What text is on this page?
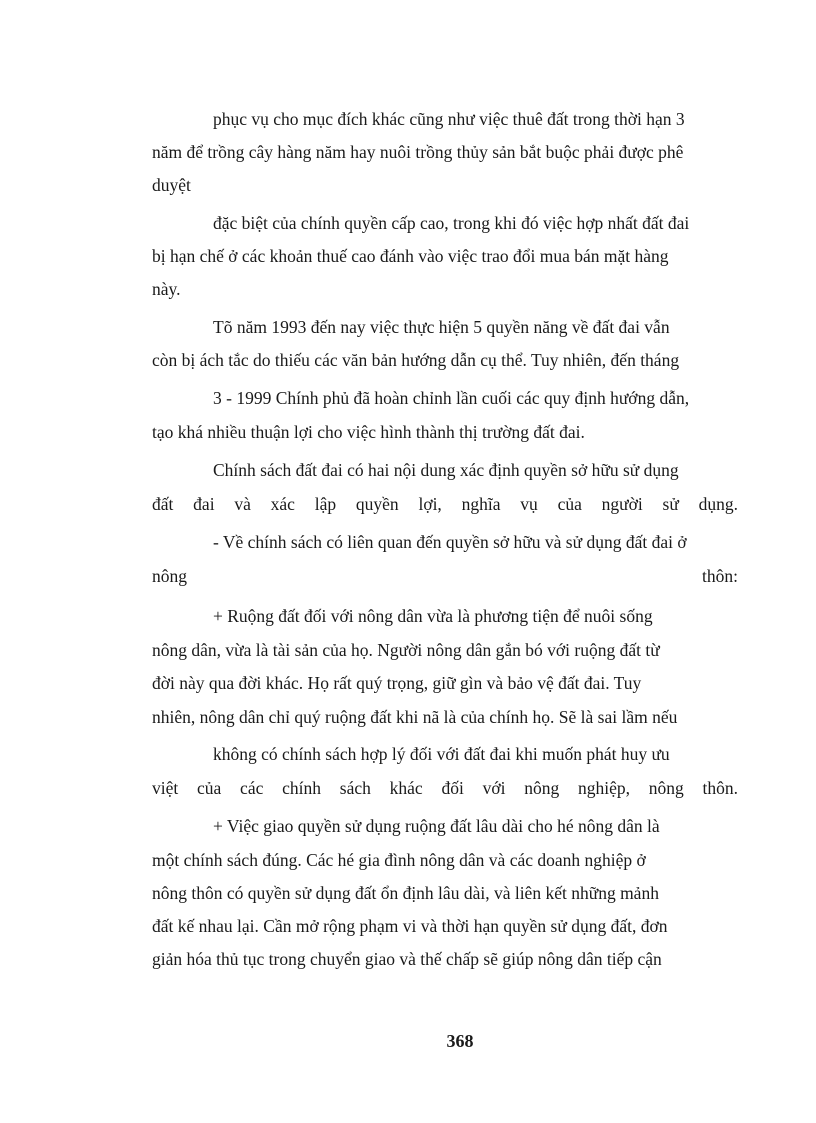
phục vụ cho mục đích khác cũng như việc thuê đất trong thời hạn 3
năm để trồng cây hàng năm hay nuôi trồng thủy sản bắt buộc phải được phê
duyệt
đặc biệt của chính quyền cấp cao, trong khi đó việc hợp nhất đất đai
bị hạn chế ở các khoản thuế cao đánh vào việc trao đổi mua bán mặt hàng
này.
Tõ năm 1993 đến nay việc thực hiện 5 quyền năng về đất đai vẫn
còn bị ách tắc do thiếu các văn bản hướng dẫn cụ thể. Tuy nhiên, đến tháng
3 - 1999 Chính phủ đã hoàn chỉnh lần cuối các quy định hướng dẫn,
tạo khá nhiều thuận lợi cho việc hình thành thị trường đất đai.
Chính sách đất đai có hai nội dung xác định quyền sở hữu sử dụng
đất đai và xác lập quyền lợi, nghĩa vụ của người sử dụng.
- Về chính sách có liên quan đến quyền sở hữu và sử dụng đất đai ở
nông thôn:
+ Ruộng đất đối với nông dân vừa là phương tiện để nuôi sống
nông dân, vừa là tài sản của họ. Người nông dân gắn bó với ruộng đất từ
đời này qua đời khác. Họ rất quý trọng, giữ gìn và bảo vệ đất đai. Tuy
nhiên, nông dân chỉ quý ruộng đất khi nã là của chính họ. Sẽ là sai lầm nếu
không có chính sách hợp lý đối với đất đai khi muốn phát huy ưu
việt của các chính sách khác đối với nông nghiệp, nông thôn.
+ Việc giao quyền sử dụng ruộng đất lâu dài cho hé nông dân là
một chính sách đúng. Các hé gia đình nông dân và các doanh nghiệp ở
nông thôn có quyền sử dụng đất ổn định lâu dài, và liên kết những mảnh
đất kế nhau lại. Cần mở rộng phạm vi và thời hạn quyền sử dụng đất, đơn
giản hóa thủ tục trong chuyển giao và thế chấp sẽ giúp nông dân tiếp cận
368
